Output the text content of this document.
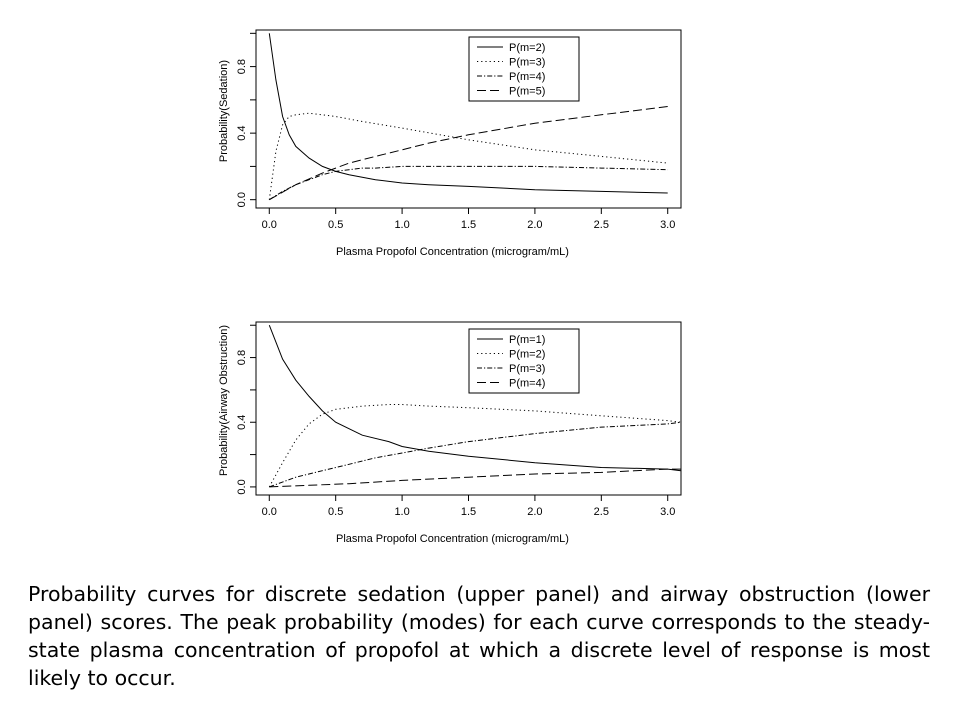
0.0	0.5	1.0	1.5	2.0	2.5	3.0
0.0
0.4
0.8
Plasma Propofol Concentration (microgram/mL)
Probability(Sedation)
P(m=2)
P(m=3)
P(m=4)
P(m=5)
0.0	0.5	1.0	1.5	2.0	2.5	3.0
0.0
0.4
0.8
Plasma Propofol Concentration (microgram/mL)
Probability(Airway Obstruction)	P(m=1)
P(m=2)
P(m=3)
P(m=4)

Probability curves for discrete sedation (upper panel) and airway obstruction (lower panel) scores. The peak probability (modes) for each curve corresponds to the steady-state plasma concentration of propofol at which a discrete level of response is most likely to occur.
